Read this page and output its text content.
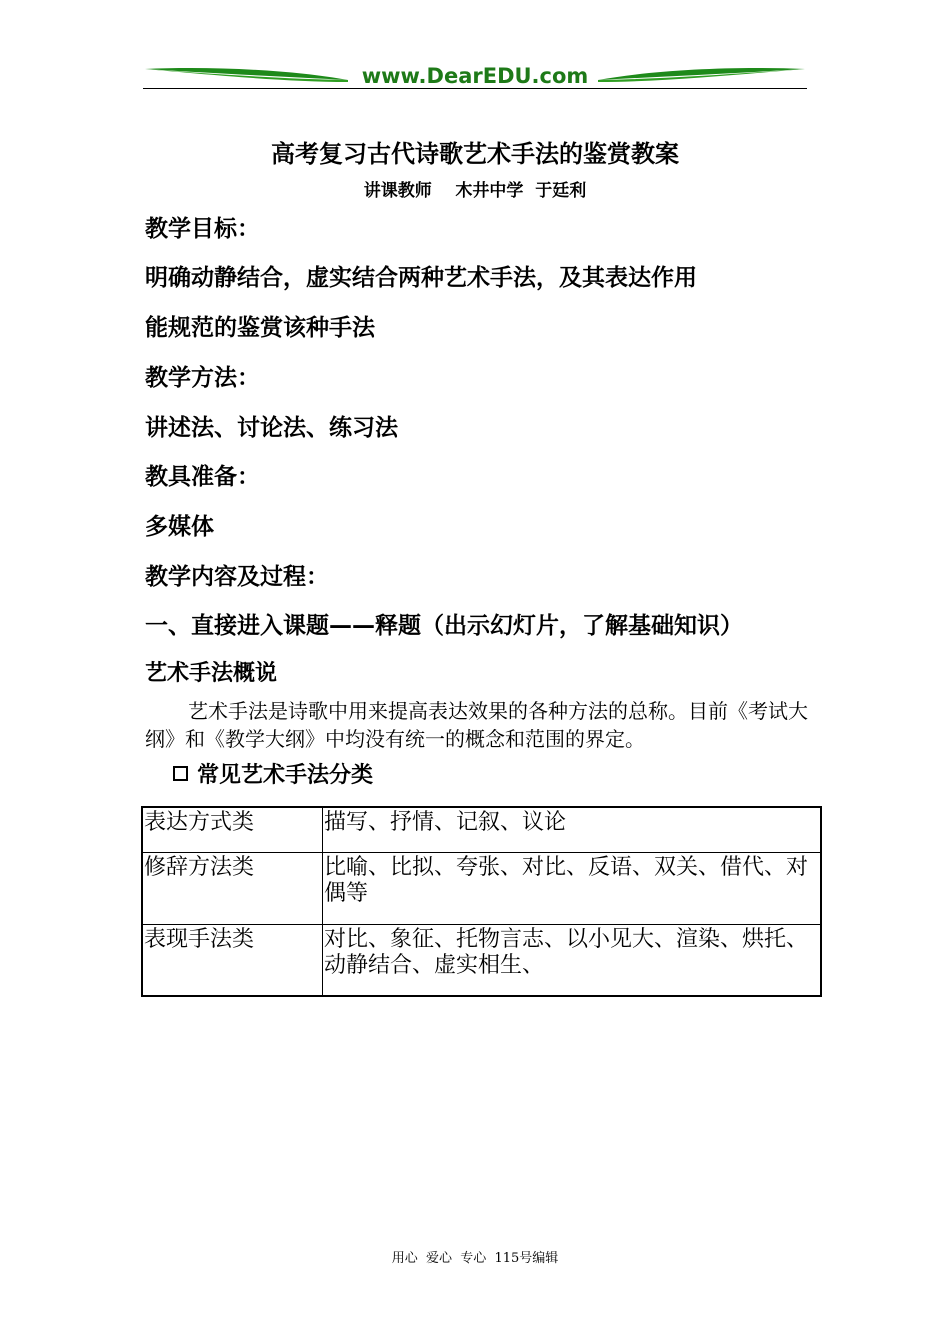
www.DearEDU.com
高考复习古代诗歌艺术手法的鉴赏教案
讲课教师    木井中学  于廷利
教学目标：
明确动静结合，虚实结合两种艺术手法，及其表达作用
能规范的鉴赏该种手法
教学方法：
讲述法、讨论法、练习法
教具准备：
多媒体
教学内容及过程：
一、直接进入课题——释题（出示幻灯片，了解基础知识）
艺术手法概说
艺术手法是诗歌中用来提高表达效果的各种方法的总称。目前《考试大纲》和《教学大纲》中均没有统一的概念和范围的界定。
常见艺术手法分类
表达方式类	描写、抒情、记叙、议论
修辞方法类	比喻、比拟、夸张、对比、反语、双关、借代、对偶等
表现手法类	对比、象征、托物言志、以小见大、渲染、烘托、动静结合、虚实相生、
用心  爱心  专心  115号编辑
